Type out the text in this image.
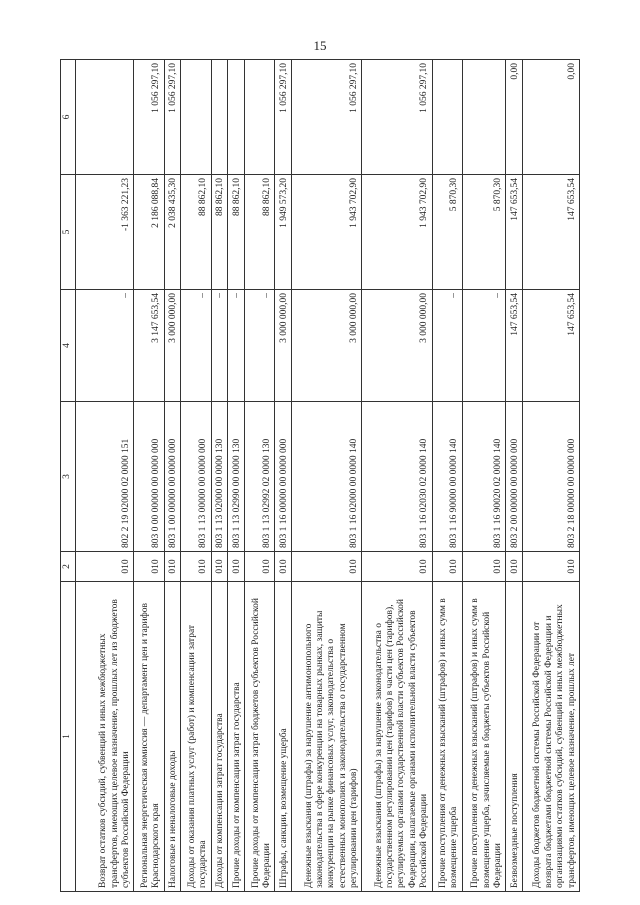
15
1	2	3	4	5	6
Возврат остатков субсидий, субвенций и иных межбюджетных трансфертов, имеющих целевое назначение, прошлых лет из бюджетов субъектов Российской Федерации	010	802 2 19 02000 02 0000 151	–	-1 363 221,23	
Региональная энергетическая комиссия — департамент цен и тарифов Краснодарского края	010	803 0 00 00000 00 0000 000	3 147 653,54	2 186 088,84	1 056 297,10
Налоговые и неналоговые доходы	010	803 1 00 00000 00 0000 000	3 000 000,00	2 038 435,30	1 056 297,10
Доходы от оказания платных услуг (работ) и компенсации затрат государства	010	803 1 13 00000 00 0000 000	–	88 862,10	
Доходы от компенсации затрат государства	010	803 1 13 02000 00 0000 130	–	88 862,10	
Прочие доходы от компенсации затрат государства	010	803 1 13 02990 00 0000 130	–	88 862,10	
Прочие доходы от компенсации затрат бюджетов субъектов Российской Федерации	010	803 1 13 02992 02 0000 130	–	88 862,10	
Штрафы, санкции, возмещение ущерба	010	803 1 16 00000 00 0000 000	3 000 000,00	1 949 573,20	1 056 297,10
Денежные взыскания (штрафы) за нарушение антимонопольного законодательства в сфере конкуренции на товарных рынках, защиты конкуренции на рынке финансовых услуг, законодательства о естественных монополиях и законодательства о государственном регулировании цен (тарифов)	010	803 1 16 02000 00 0000 140	3 000 000,00	1 943 702,90	1 056 297,10
Денежные взыскания (штрафы) за нарушение законодательства о государственном регулировании цен (тарифов) в части цен (тарифов), регулируемых органами государственной власти субъектов Российской Федерации, налагаемые органами исполнительной власти субъектов Российской Федерации	010	803 1 16 02030 02 0000 140	3 000 000,00	1 943 702,90	1 056 297,10
Прочие поступления от денежных взысканий (штрафов) и иных сумм в возмещение ущерба	010	803 1 16 90000 00 0000 140	–	5 870,30	
Прочие поступления от денежных взысканий (штрафов) и иных сумм в возмещение ущерба, зачисляемые в бюджеты субъектов Российской Федерации	010	803 1 16 90020 02 0000 140	–	5 870,30	
Безвозмездные поступления	010	803 2 00 00000 00 0000 000	147 653,54	147 653,54	0,00
Доходы бюджетов бюджетной системы Российской Федерации от возврата бюджетами бюджетной системы Российской Федерации и организациями остатков субсидий, субвенций и иных межбюджетных трансфертов, имеющих целевое назначение, прошлых лет	010	803 2 18 00000 00 0000 000	147 653,54	147 653,54	0,00
